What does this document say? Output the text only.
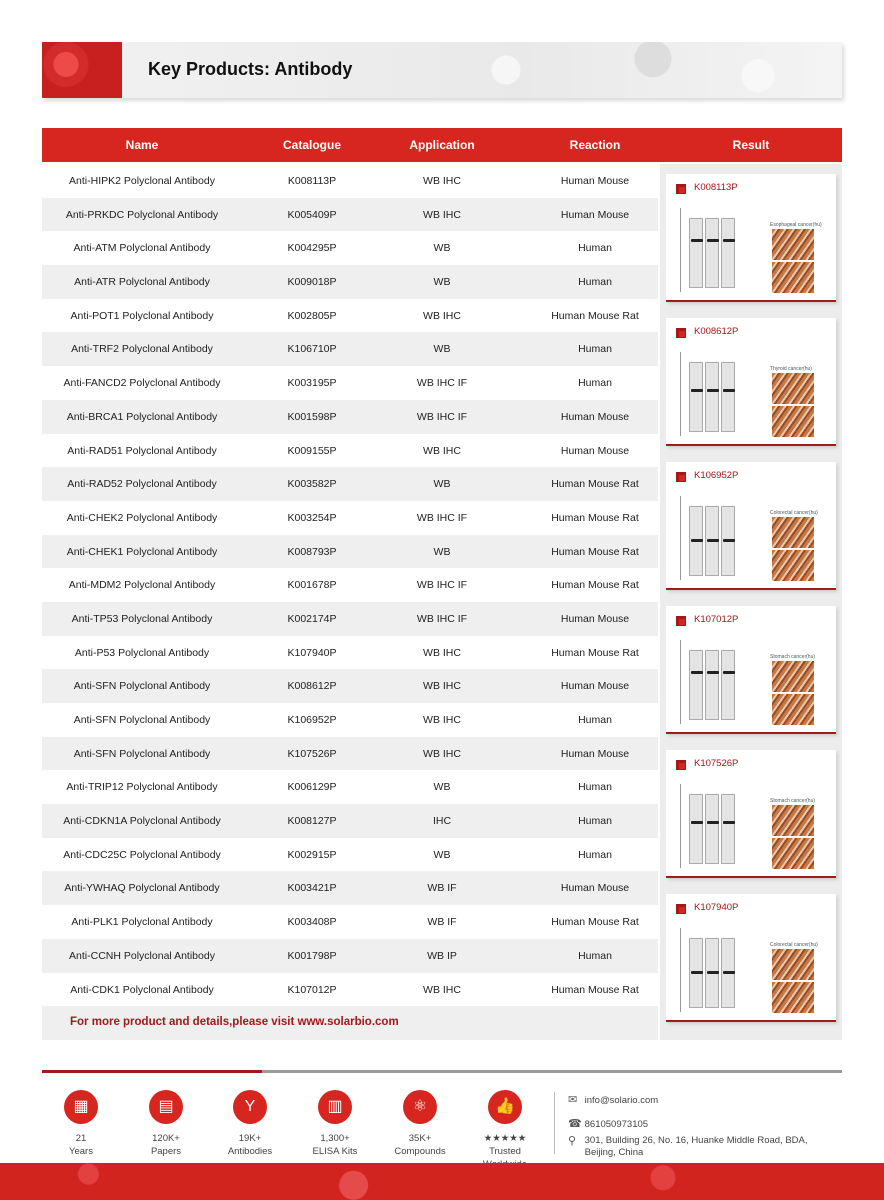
Key Products: Antibody
Name	Catalogue	Application	Reaction	Result
Anti-HIPK2 Polyclonal Antibody	K008113P	WB IHC	Human Mouse
Anti-PRKDC Polyclonal Antibody	K005409P	WB IHC	Human Mouse
Anti-ATM Polyclonal Antibody	K004295P	WB	Human
Anti-ATR Polyclonal Antibody	K009018P	WB	Human
Anti-POT1 Polyclonal Antibody	K002805P	WB IHC	Human Mouse Rat
Anti-TRF2 Polyclonal Antibody	K106710P	WB	Human
Anti-FANCD2 Polyclonal Antibody	K003195P	WB IHC IF	Human
Anti-BRCA1 Polyclonal Antibody	K001598P	WB IHC IF	Human Mouse
Anti-RAD51 Polyclonal Antibody	K009155P	WB IHC	Human Mouse
Anti-RAD52 Polyclonal Antibody	K003582P	WB	Human Mouse Rat
Anti-CHEK2 Polyclonal Antibody	K003254P	WB IHC IF	Human Mouse Rat
Anti-CHEK1 Polyclonal Antibody	K008793P	WB	Human Mouse Rat
Anti-MDM2 Polyclonal Antibody	K001678P	WB IHC IF	Human Mouse Rat
Anti-TP53 Polyclonal Antibody	K002174P	WB IHC IF	Human Mouse
Anti-P53 Polyclonal Antibody	K107940P	WB IHC	Human Mouse Rat
Anti-SFN Polyclonal Antibody	K008612P	WB IHC	Human Mouse
Anti-SFN Polyclonal Antibody	K106952P	WB IHC	Human
Anti-SFN Polyclonal Antibody	K107526P	WB IHC	Human Mouse
Anti-TRIP12 Polyclonal Antibody	K006129P	WB	Human
Anti-CDKN1A Polyclonal Antibody	K008127P	IHC	Human
Anti-CDC25C Polyclonal Antibody	K002915P	WB	Human
Anti-YWHAQ Polyclonal Antibody	K003421P	WB IF	Human Mouse
Anti-PLK1 Polyclonal Antibody	K003408P	WB IF	Human Mouse Rat
Anti-CCNH Polyclonal Antibody	K001798P	WB IP	Human
Anti-CDK1 Polyclonal Antibody	K107012P	WB IHC	Human Mouse Rat
For more product and details,please visit www.solarbio.com
K008113P
Esophageal cancer(hu)
K008612P
Thyroid cancer(hu)
K106952P
Colorectal cancer(hu)
K107012P
Stomach cancer(hu)
K107526P
Stomach cancer(hu)
K107940P
Colorectal cancer(hu)
▦
21
Years
▤
120K+
Papers
Y
19K+
Antibodies
▥
1,300+
ELISA Kits
⚛
35K+
Compounds
👍
★★★★★
Trusted
✉ info@solario.com
☎ 861050973105
⚲ 301, Building 26, No. 16, Huanke Middle Road, BDA,
Beijing, China
